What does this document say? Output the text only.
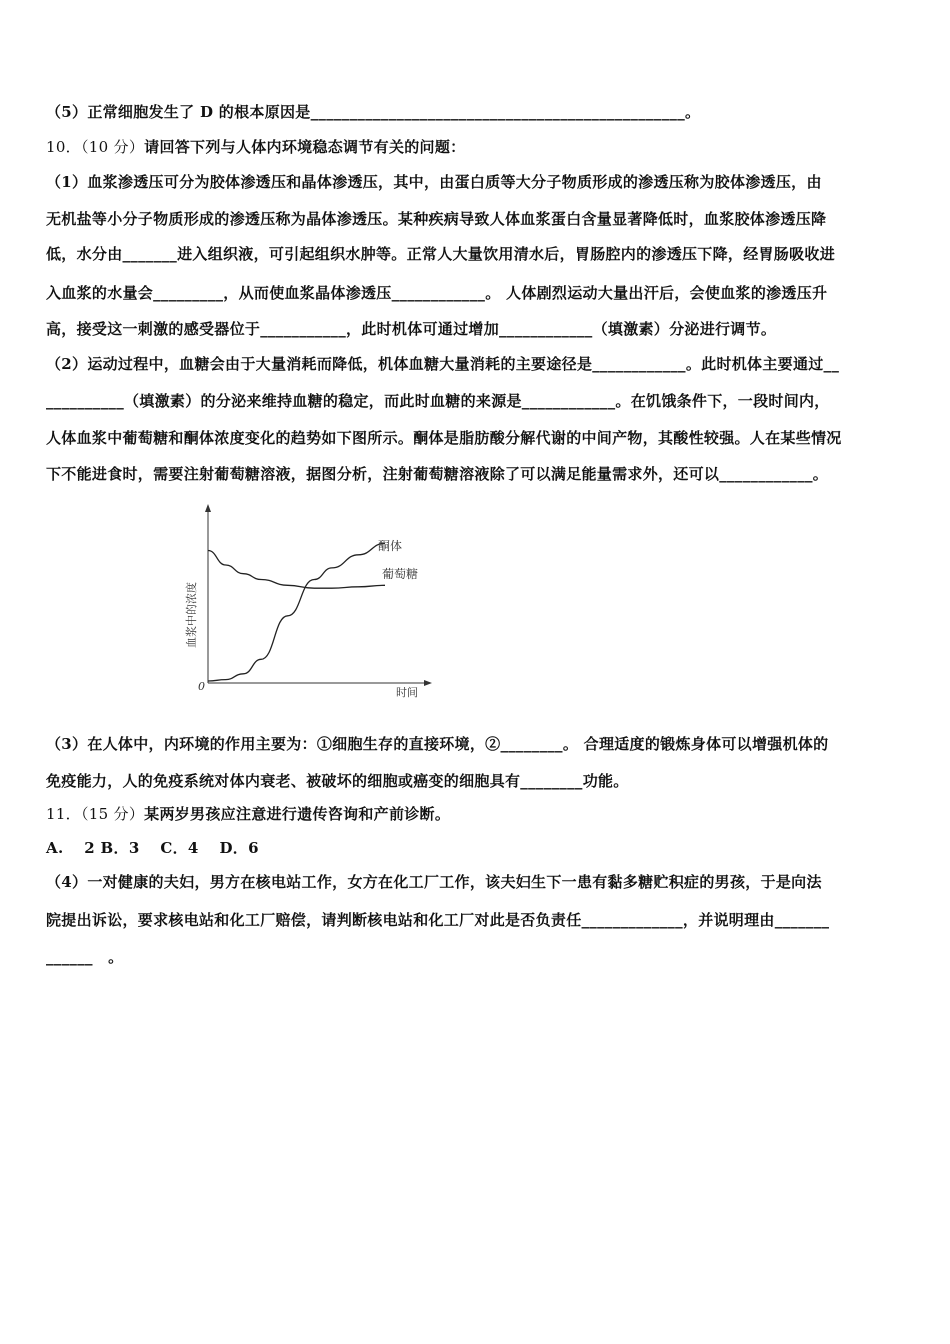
（5）正常细胞发生了 D 的根本原因是________________________________________________。
10．（10 分）请回答下列与人体内环境稳态调节有关的问题：
（1）血浆渗透压可分为胶体渗透压和晶体渗透压，其中，由蛋白质等大分子物质形成的渗透压称为胶体渗透压，由
无机盐等小分子物质形成的渗透压称为晶体渗透压。某种疾病导致人体血浆蛋白含量显著降低时，血浆胶体渗透压降
低，水分由_______进入组织液，可引起组织水肿等。正常人大量饮用清水后，胃肠腔内的渗透压下降，经胃肠吸收进
入血浆的水量会_________，从而使血浆晶体渗透压____________。 人体剧烈运动大量出汗后，会使血浆的渗透压升
高，接受这一刺激的感受器位于___________，此时机体可通过增加____________（填激素）分泌进行调节。
（2）运动过程中，血糖会由于大量消耗而降低，机体血糖大量消耗的主要途径是____________。此时机体主要通过__
__________（填激素）的分泌来维持血糖的稳定，而此时血糖的来源是____________。在饥饿条件下，一段时间内，
人体血浆中葡萄糖和酮体浓度变化的趋势如下图所示。酮体是脂肪酸分解代谢的中间产物，其酸性较强。人在某些情况
下不能进食时，需要注射葡萄糖溶液，据图分析，注射葡萄糖溶液除了可以满足能量需求外，还可以____________。
酮体
葡萄糖
血浆中的浓度
时间
0
（3）在人体中，内环境的作用主要为：①细胞生存的直接环境，②________。 合理适度的锻炼身体可以增强机体的
免疫能力，人的免疫系统对体内衰老、被破坏的细胞或癌变的细胞具有________功能。
11．（15 分）某两岁男孩应注意进行遗传咨询和产前诊断。
A.　 2 B．3　 C．4　 D．6
（4）一对健康的夫妇，男方在核电站工作，女方在化工厂工作，该夫妇生下一患有黏多糖贮积症的男孩，于是向法
院提出诉讼，要求核电站和化工厂赔偿，请判断核电站和化工厂对此是否负责任_____________，并说明理由_______
______　。
